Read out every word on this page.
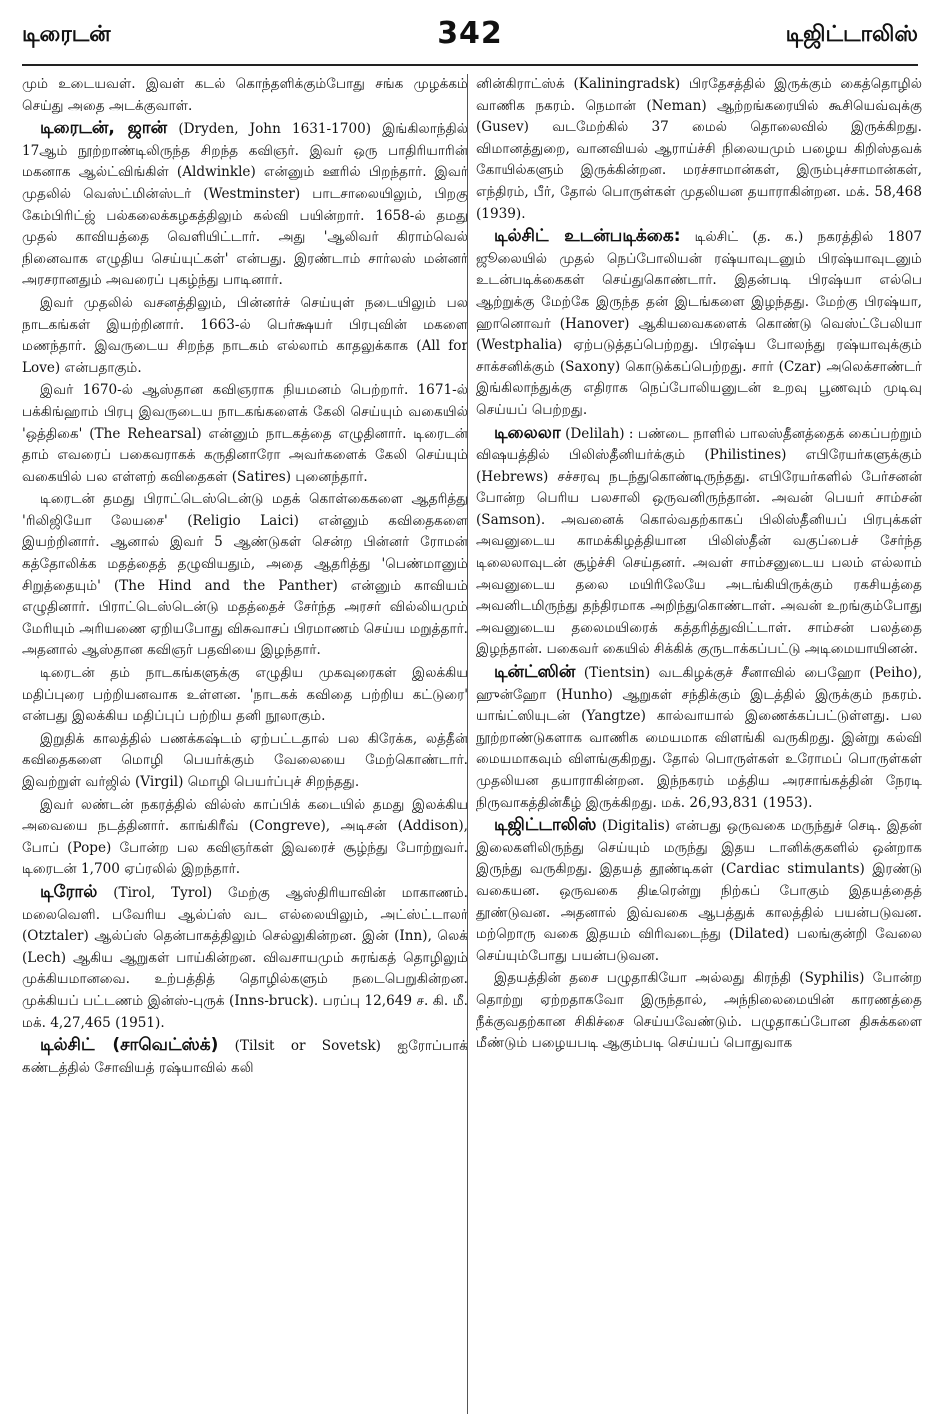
டிரைடன்	342	டிஜிட்டாலிஸ்

மும் உடையவள். இவள் கடல் கொந்தளிக்கும்போது சங்க முழக்கம் செய்து அதை அடக்குவாள்.

டிரைடன், ஜான் (Dryden, John 1631-1700) இங்கிலாந்தில் 17ஆம் நூற்றாண்டிலிருந்த சிறந்த கவிஞர். இவர் ஒரு பாதிரியாரின் மகனாக ஆல்ட்விங்கிள் (Aldwinkle) என்னும் ஊரில் பிறந்தார். இவர் முதலில் வெஸ்ட்மின்ஸ்டர் (Westminster) பாடசாலையிலும், பிறகு கேம்பிரிட்ஜ் பல்கலைக்கழகத்திலும் கல்வி பயின்றார். 1658-ல் தமது முதல் காவியத்தை வெளியிட்டார். அது 'ஆலிவர் கிராம்வெல் நினைவாக எழுதிய செய்யுட்கள்' என்பது. இரண்டாம் சார்லஸ் மன்னர் அரசரானதும் அவரைப் புகழ்ந்து பாடினார்.

இவர் முதலில் வசனத்திலும், பின்னர்ச் செய்யுள் நடையிலும் பல நாடகங்கள் இயற்றினார். 1663-ல் பெர்க்ஷயர் பிரபுவின் மகளை மணந்தார். இவருடைய சிறந்த நாடகம் எல்லாம் காதலுக்காக (All for Love) என்பதாகும்.

இவர் 1670-ல் ஆஸ்தான கவிஞராக நியமனம் பெற்றார். 1671-ல் பக்கிங்ஹாம் பிரபு இவருடைய நாடகங்களைக் கேலி செய்யும் வகையில் 'ஒத்திகை' (The Rehearsal) என்னும் நாடகத்தை எழுதினார். டிரைடன் தாம் எவரைப் பகைவராகக் கருதினாரோ அவர்களைக் கேலி செய்யும் வகையில் பல எள்ளற் கவிதைகள் (Satires) புனைந்தார்.

டிரைடன் தமது பிராட்டெஸ்டென்டு மதக் கொள்கைகளை ஆதரித்து 'ரிலிஜியோ லேயசை' (Religio Laici) என்னும் கவிதைகளை இயற்றினார். ஆனால் இவர் 5 ஆண்டுகள் சென்ற பின்னர் ரோமன் கத்தோலிக்க மதத்தைத் தழுவியதும், அதை ஆதரித்து 'பெண்மானும் சிறுத்தையும்' (The Hind and the Panther) என்னும் காவியம் எழுதினார். பிராட்டெஸ்டென்டு மதத்தைச் சேர்ந்த அரசர் வில்லியமும் மேரியும் அரியணை ஏறியபோது விசுவாசப் பிரமாணம் செய்ய மறுத்தார். அதனால் ஆஸ்தான கவிஞர் பதவியை இழந்தார்.

டிரைடன் தம் நாடகங்களுக்கு எழுதிய முகவுரைகள் இலக்கிய மதிப்புரை பற்றியனவாக உள்ளன. 'நாடகக் கவிதை பற்றிய கட்டுரை' என்பது இலக்கிய மதிப்புப் பற்றிய தனி நூலாகும்.

இறுதிக் காலத்தில் பணக்கஷ்டம் ஏற்பட்டதால் பல கிரேக்க, லத்தீன் கவிதைகளை மொழி பெயர்க்கும் வேலையை மேற்கொண்டார். இவற்றுள் வர்ஜில் (Virgil) மொழி பெயர்ப்புச் சிறந்தது.

இவர் லண்டன் நகரத்தில் வில்ஸ் காப்பிக் கடையில் தமது இலக்கிய அவையை நடத்தினார். காங்கிரீவ் (Congreve), அடிசன் (Addison), போப் (Pope) போன்ற பல கவிஞர்கள் இவரைச் சூழ்ந்து போற்றுவர். டிரைடன் 1,700 ஏப்ரலில் இறந்தார்.

டிரோல் (Tirol, Tyrol) மேற்கு ஆஸ்திரியாவின் மாகாணம். மலைவெளி. பவேரிய ஆல்ப்ஸ் வட எல்லையிலும், அட்ஸ்ட்டாலர் (Otztaler) ஆல்ப்ஸ் தென்பாகத்திலும் செல்லுகின்றன. இன் (Inn), லெக் (Lech) ஆகிய ஆறுகள் பாய்கின்றன. விவசாயமும் சுரங்கத் தொழிலும் முக்கியமானவை. உற்பத்தித் தொழில்களும் நடைபெறுகின்றன. முக்கியப் பட்டணம் இன்ஸ்-புருக் (Inns-bruck). பரப்பு 12,649 ச. கி. மீ. மக். 4,27,465 (1951).

டில்சிட் (சாவெட்ஸ்க்) (Tilsit or Sovetsk) ஐரோப்பாக் கண்டத்தில் சோவியத் ரஷ்யாவில் கலி

னின்கிராட்ஸ்க் (Kaliningradsk) பிரதேசத்தில் இருக்கும் கைத்தொழில் வாணிக நகரம். நெமான் (Neman) ஆற்றங்கரையில் கூசியெவ்வுக்கு (Gusev) வடமேற்கில் 37 மைல் தொலைவில் இருக்கிறது. விமானத்துறை, வானவியல் ஆராய்ச்சி நிலையமும் பழைய கிறிஸ்தவக் கோயில்களும் இருக்கின்றன. மரச்சாமான்கள், இரும்புச்சாமான்கள், எந்திரம், பீர், தோல் பொருள்கள் முதலியன தயாராகின்றன. மக். 58,468 (1939).

டில்சிட் உடன்படிக்கை: டில்சிட் (த. க.) நகரத்தில் 1807 ஜூலையில் முதல் நெப்போலியன் ரஷ்யாவுடனும் பிரஷ்யாவுடனும் உடன்படிக்கைகள் செய்துகொண்டார். இதன்படி பிரஷ்யா எல்பெ ஆற்றுக்கு மேற்கே இருந்த தன் இடங்களை இழந்தது. மேற்கு பிரஷ்யா, ஹானொவர் (Hanover) ஆகியவைகளைக் கொண்டு வெஸ்ட்பேலியா (Westphalia) ஏற்படுத்தப்பெற்றது. பிரஷ்ய போலந்து ரஷ்யாவுக்கும் சாக்சனிக்கும் (Saxony) கொடுக்கப்பெற்றது. சார் (Czar) அலெக்சாண்டர் இங்கிலாந்துக்கு எதிராக நெப்போலியனுடன் உறவு பூணவும் முடிவு செய்யப் பெற்றது.

டிலைலா (Delilah) : பண்டை நாளில் பாலஸ்தீனத்தைக் கைப்பற்றும் விஷயத்தில் பிலிஸ்தீனியர்க்கும் (Philistines) எபிரேயர்களுக்கும் (Hebrews) சச்சரவு நடந்துகொண்டிருந்தது. எபிரேயர்களில் பேர்சனன் போன்ற பெரிய பலசாலி ஒருவனிருந்தான். அவன் பெயர் சாம்சன் (Samson). அவனைக் கொல்வதற்காகப் பிலிஸ்தீனியப் பிரபுக்கள் அவனுடைய காமக்கிழத்தியான பிலிஸ்தீன் வகுப்பைச் சேர்ந்த டிலைலாவுடன் சூழ்ச்சி செய்தனர். அவள் சாம்சனுடைய பலம் எல்லாம் அவனுடைய தலை மயிரிலேயே அடங்கியிருக்கும் ரகசியத்தை அவனிடமிருந்து தந்திரமாக அறிந்துகொண்டாள். அவன் உறங்கும்போது அவனுடைய தலைமயிரைக் கத்தரித்துவிட்டாள். சாம்சன் பலத்தை இழந்தான். பகைவர் கையில் சிக்கிக் குருடாக்கப்பட்டு அடிமையாயினன்.

டின்ட்ஸின் (Tientsin) வடகிழக்குச் சீனாவில் பைஹோ (Peiho), ஹுன்ஹோ (Hunho) ஆறுகள் சந்திக்கும் இடத்தில் இருக்கும் நகரம். யாங்ட்ஸியுடன் (Yangtze) கால்வாயால் இணைக்கப்பட்டுள்ளது. பல நூற்றாண்டுகளாக வாணிக மையமாக விளங்கி வருகிறது. இன்று கல்வி மையமாகவும் விளங்குகிறது. தோல் பொருள்கள் உரோமப் பொருள்கள் முதலியன தயாராகின்றன. இந்நகரம் மத்திய அரசாங்கத்தின் நேரடி நிருவாகத்தின்கீழ் இருக்கிறது. மக். 26,93,831 (1953).

டிஜிட்டாலிஸ் (Digitalis) என்பது ஒருவகை மருந்துச் செடி. இதன் இலைகளிலிருந்து செய்யும் மருந்து இதய டானிக்குகளில் ஒன்றாக இருந்து வருகிறது. இதயத் தூண்டிகள் (Cardiac stimulants) இரண்டு வகையன. ஒருவகை திடீரென்று நிற்கப் போகும் இதயத்தைத் தூண்டுவன. அதனால் இவ்வகை ஆபத்துக் காலத்தில் பயன்படுவன. மற்றொரு வகை இதயம் விரிவடைந்து (Dilated) பலங்குன்றி வேலை செய்யும்போது பயன்படுவன.

இதயத்தின் தசை பழுதாகியோ அல்லது கிரந்தி (Syphilis) போன்ற தொற்று ஏற்றதாகவோ இருந்தால், அந்நிலைமையின் காரணத்தை நீக்குவதற்கான சிகிச்சை செய்யவேண்டும். பழுதாகப்போன திசுக்களை மீண்டும் பழையபடி ஆகும்படி செய்யப் பொதுவாக
